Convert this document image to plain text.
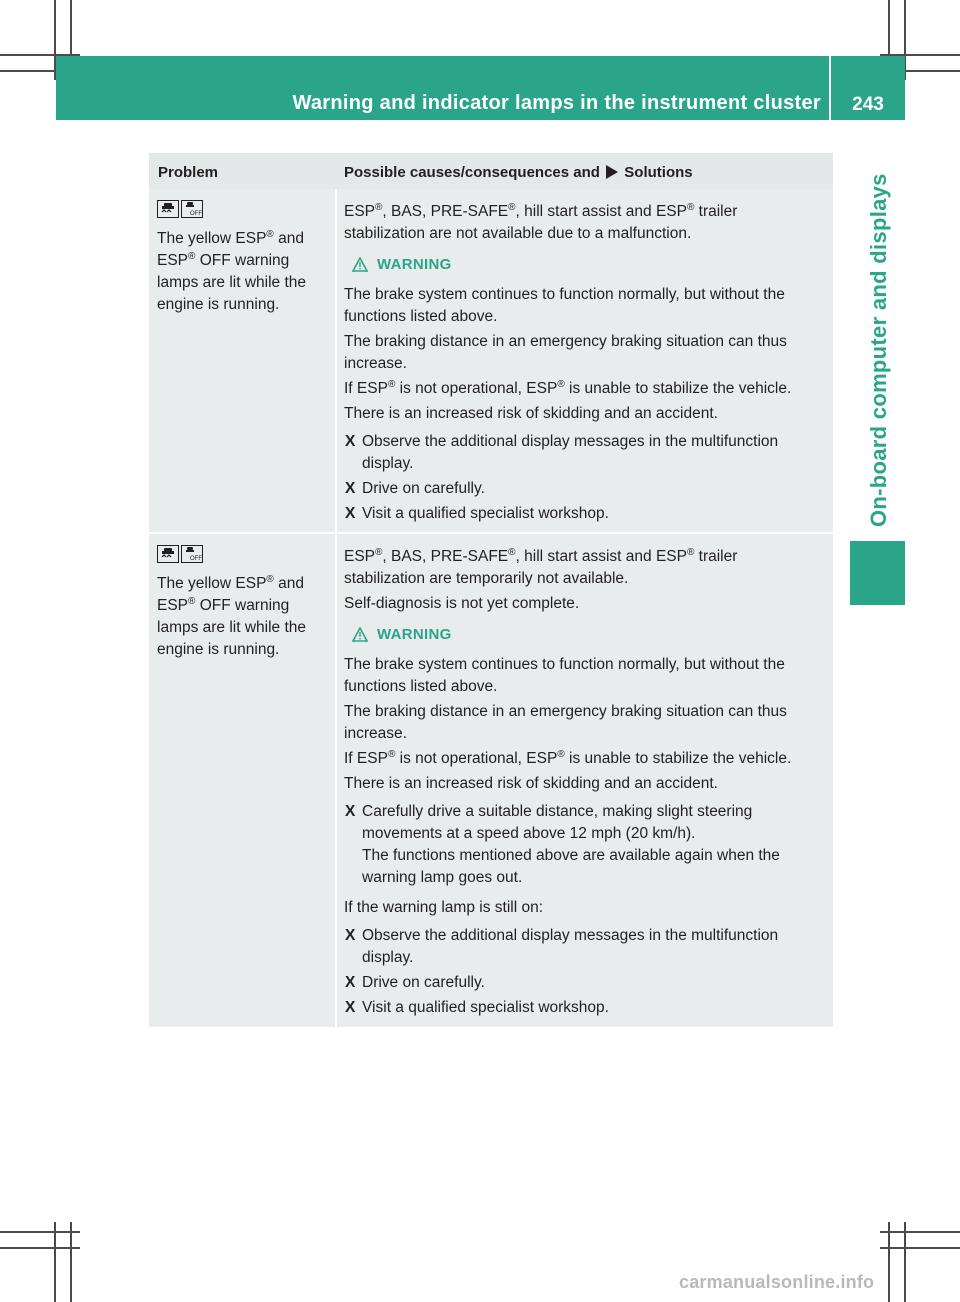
Warning and indicator lamps in the instrument cluster	243
On-board computer and displays
Problem	Possible causes/consequences and Solutions
OFF
The yellow ESP® and
ESP® OFF warning
lamps are lit while the
engine is running.
ESP®, BAS, PRE-SAFE®, hill start assist and ESP® trailer
stabilization are not available due to a malfunction.
WARNING
The brake system continues to function normally, but without the
functions listed above.
The braking distance in an emergency braking situation can thus
increase.
If ESP® is not operational, ESP® is unable to stabilize the vehicle.
There is an increased risk of skidding and an accident.
X Observe the additional display messages in the multifunction
display.
X Drive on carefully.
X Visit a qualified specialist workshop.
OFF
The yellow ESP® and
ESP® OFF warning
lamps are lit while the
engine is running.
ESP®, BAS, PRE-SAFE®, hill start assist and ESP® trailer
stabilization are temporarily not available.
Self-diagnosis is not yet complete.
WARNING
The brake system continues to function normally, but without the
functions listed above.
The braking distance in an emergency braking situation can thus
increase.
If ESP® is not operational, ESP® is unable to stabilize the vehicle.
There is an increased risk of skidding and an accident.
X Carefully drive a suitable distance, making slight steering
movements at a speed above 12 mph (20 km/h).
The functions mentioned above are available again when the
warning lamp goes out.
If the warning lamp is still on:
X Observe the additional display messages in the multifunction
display.
X Drive on carefully.
X Visit a qualified specialist workshop.
carmanualsonline.info
